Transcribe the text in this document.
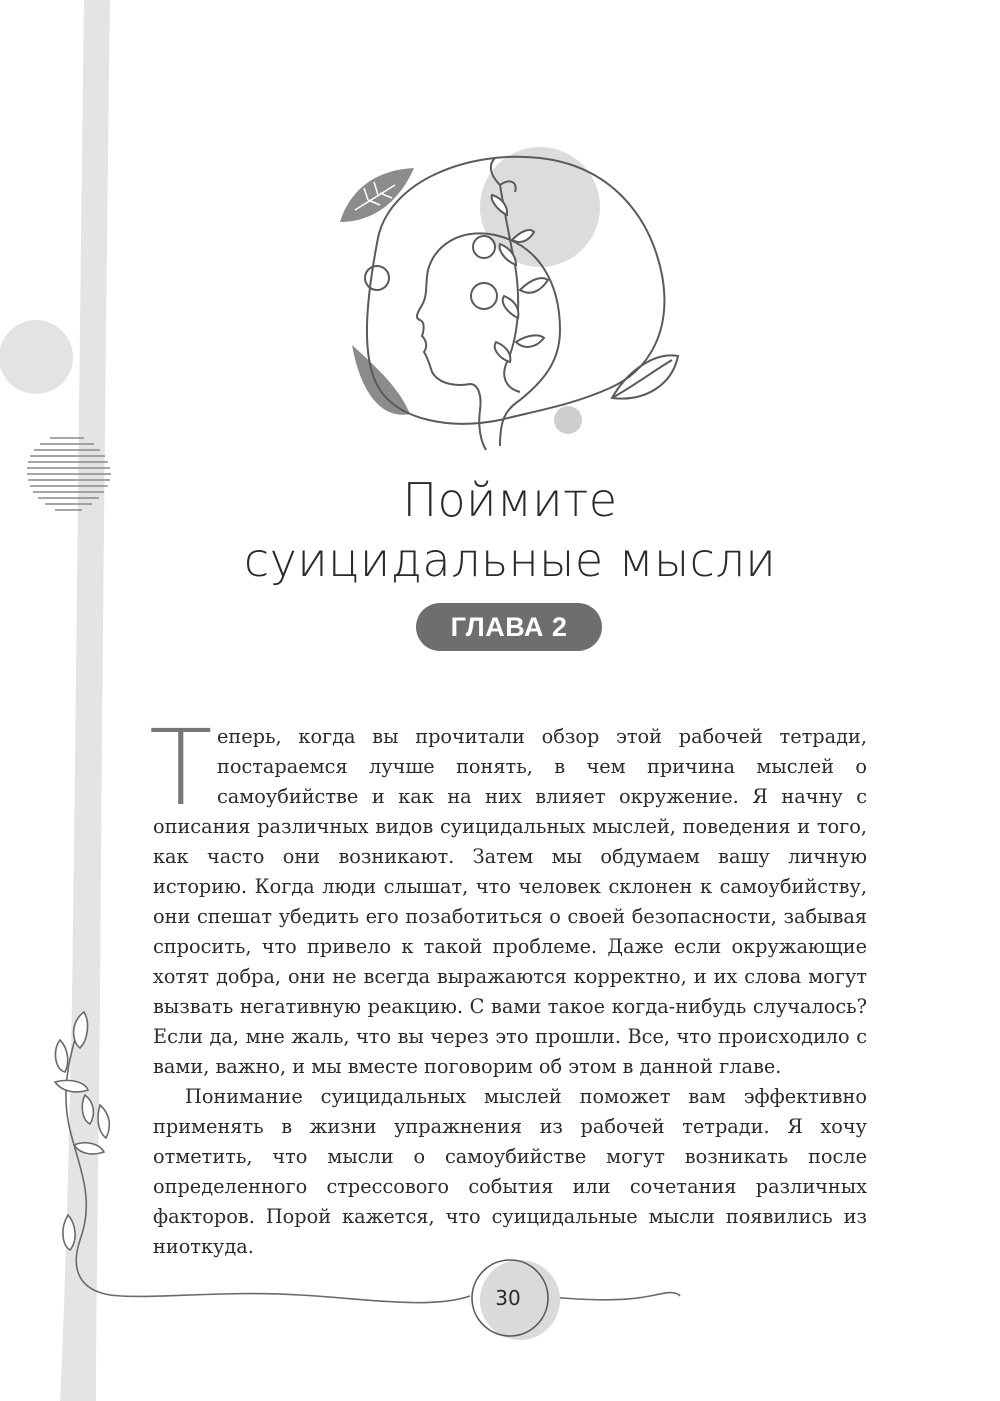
Поймите
суицидальные мысли
ГЛАВА 2

Теперь, когда вы прочитали обзор этой рабочей тетради, постараемся лучше понять, в чем причина мыслей о самоубийстве и как на них влияет окружение. Я начну с описания различных видов суицидальных мыслей, поведения и того, как часто они возникают. Затем мы обдумаем вашу личную историю. Когда люди слышат, что человек склонен к самоубийству, они спешат убедить его позаботиться о своей безопасности, забывая спросить, что привело к такой проблеме. Даже если окружающие хотят добра, они не всегда выражаются корректно, и их слова могут вызвать негативную реакцию. С вами такое когда-нибудь случалось? Если да, мне жаль, что вы через это прошли. Все, что происходило с вами, важно, и мы вместе поговорим об этом в данной главе.

Понимание суицидальных мыслей поможет вам эффективно применять в жизни упражнения из рабочей тетради. Я хочу отметить, что мысли о самоубийстве могут возникать после определенного стрессового события или сочетания различных факторов. Порой кажется, что суицидальные мысли появились из ниоткуда.

30
